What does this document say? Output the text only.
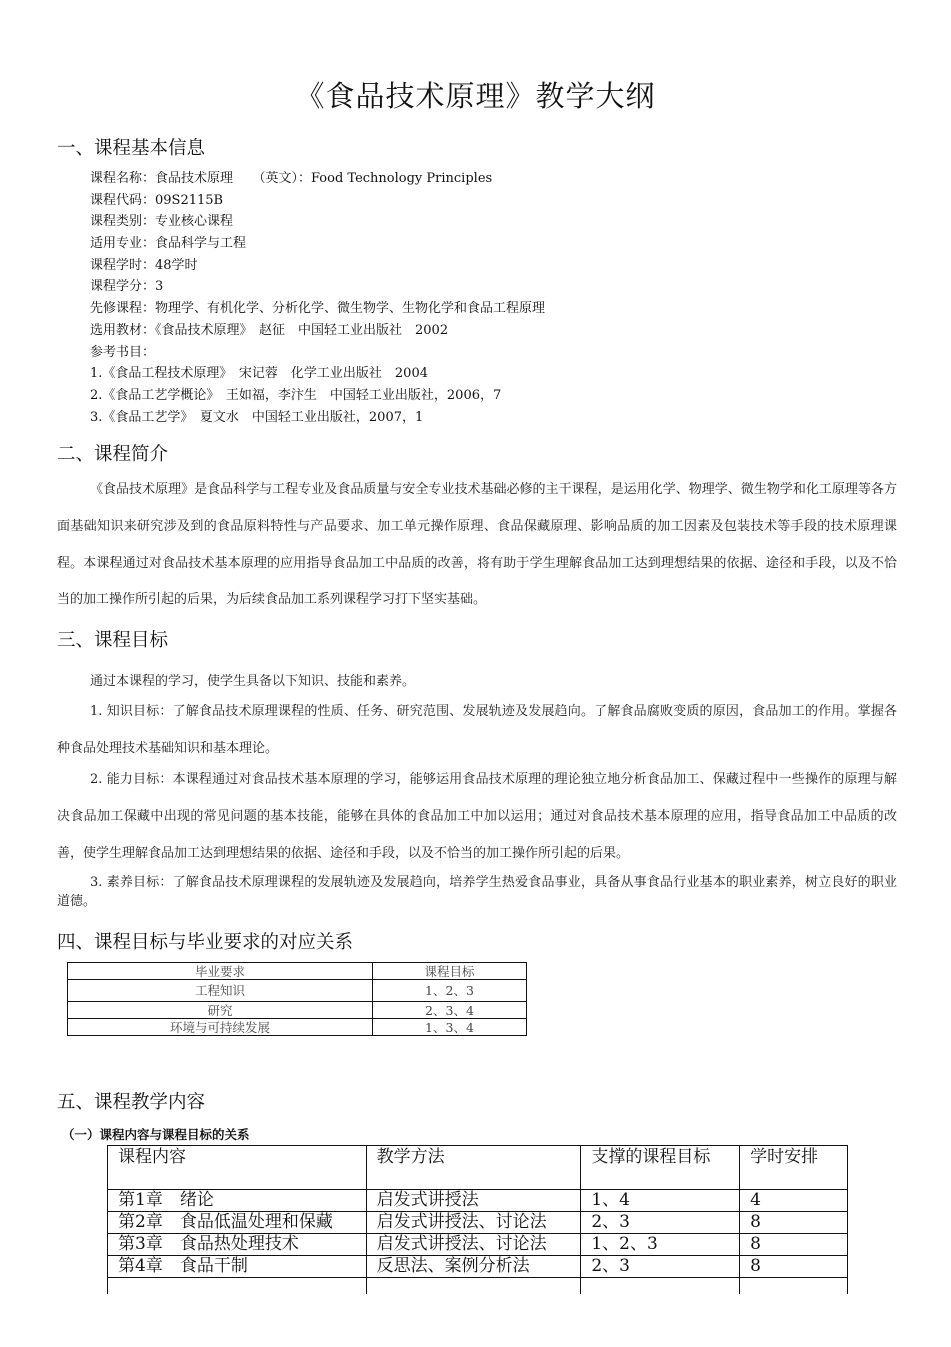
《食品技术原理》教学大纲
一、课程基本信息
课程名称：食品技术原理　　（英文）：Food Technology Principles
课程代码：09S2115B
课程类别：专业核心课程
适用专业：食品科学与工程
课程学时：48学时
课程学分：3
先修课程：物理学、有机化学、分析化学、微生物学、生物化学和食品工程原理
选用教材：《食品技术原理》　赵征　中国轻工业出版社　2002
参考书目：
1.《食品工程技术原理》　宋记蓉　化学工业出版社　2004
2.《食品工艺学概论》　王如福，李汴生　中国轻工业出版社，2006，7
3.《食品工艺学》　夏文水　中国轻工业出版社，2007，1
二、课程简介

《食品技术原理》是食品科学与工程专业及食品质量与安全专业技术基础必修的主干课程，是运用化学、物理学、微生物学和化工原理等各方面基础知识来研究涉及到的食品原料特性与产品要求、加工单元操作原理、食品保藏原理、影响品质的加工因素及包装技术等手段的技术原理课程。本课程通过对食品技术基本原理的应用指导食品加工中品质的改善，将有助于学生理解食品加工达到理想结果的依据、途径和手段，以及不恰当的加工操作所引起的后果，为后续食品加工系列课程学习打下坚实基础。

三、课程目标
通过本课程的学习，使学生具备以下知识、技能和素养。

1. 知识目标：了解食品技术原理课程的性质、任务、研究范围、发展轨迹及发展趋向。了解食品腐败变质的原因，食品加工的作用。掌握各种食品处理技术基础知识和基本理论。

2. 能力目标：本课程通过对食品技术基本原理的学习，能够运用食品技术原理的理论独立地分析食品加工、保藏过程中一些操作的原理与解决食品加工保藏中出现的常见问题的基本技能，能够在具体的食品加工中加以运用；通过对食品技术基本原理的应用，指导食品加工中品质的改善，使学生理解食品加工达到理想结果的依据、途径和手段，以及不恰当的加工操作所引起的后果。

3. 素养目标：了解食品技术原理课程的发展轨迹及发展趋向，培养学生热爱食品事业，具备从事食品行业基本的职业素养，树立良好的职业道德。

四、课程目标与毕业要求的对应关系
毕业要求	课程目标
工程知识	1、2、3
研究	2、3、4
环境与可持续发展	1、3、4
五、课程教学内容
（一）课程内容与课程目标的关系
课程内容	教学方法	支撑的课程目标	学时安排
第1章　绪论	启发式讲授法	1、4	4
第2章　食品低温处理和保藏	启发式讲授法、讨论法	2、3	8
第3章　食品热处理技术	启发式讲授法、讨论法	1、2、3	8
第4章　食品干制	反思法、案例分析法	2、3	8
